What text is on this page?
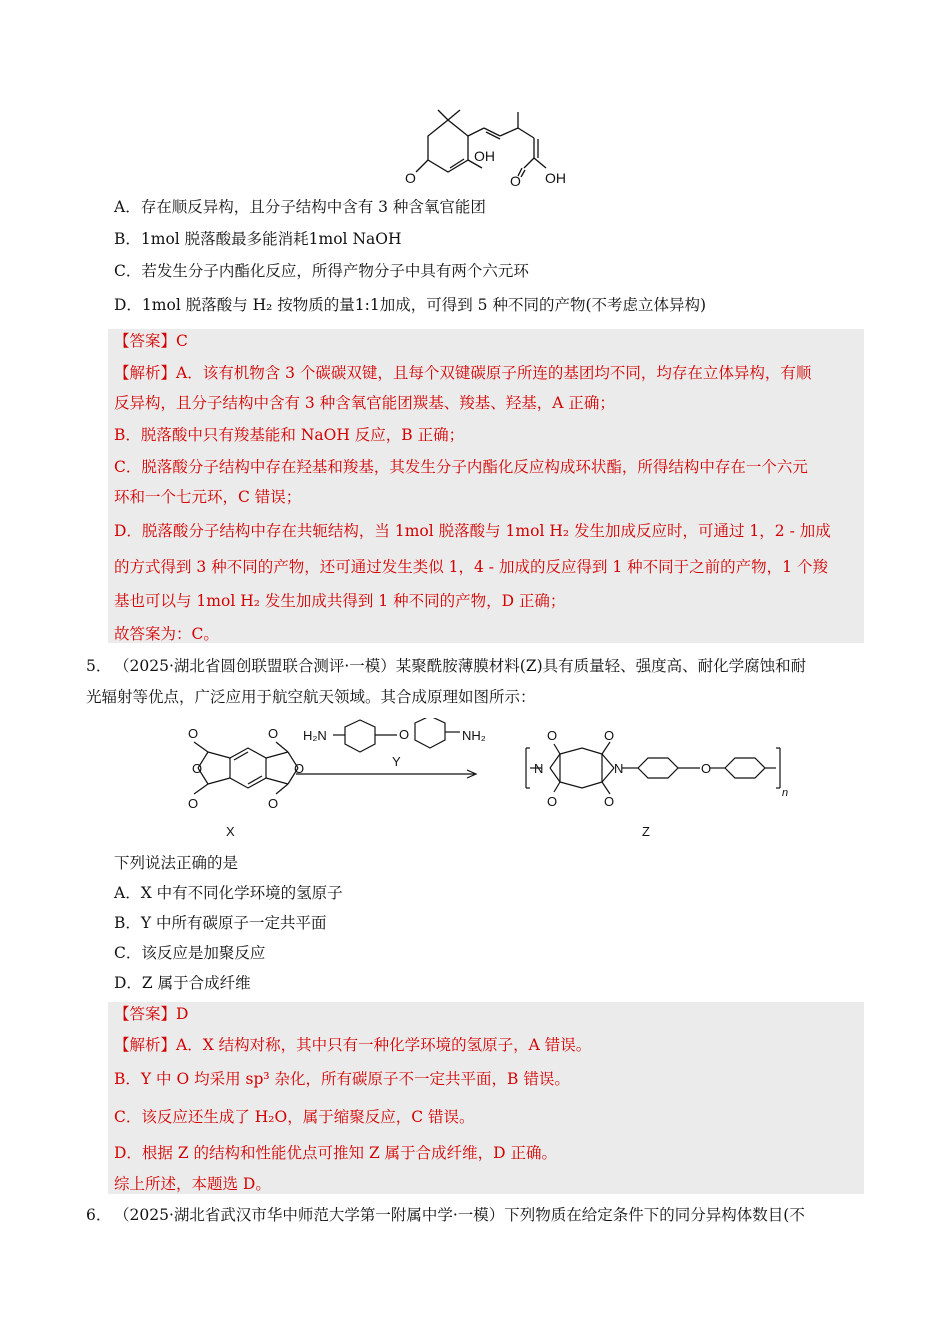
OH
O	O OH
A．存在顺反异构，且分子结构中含有 3 种含氧官能团
B．1mol 脱落酸最多能消耗1mol NaOH
C．若发生分子内酯化反应，所得产物分子中具有两个六元环
D．1mol 脱落酸与 H₂ 按物质的量1:1加成，可得到 5 种不同的产物(不考虑立体异构)
【答案】C
【解析】A．该有机物含 3 个碳碳双键，且每个双键碳原子所连的基团均不同，均存在立体异构，有顺
反异构，且分子结构中含有 3 种含氧官能团羰基、羧基、羟基，A 正确；
B．脱落酸中只有羧基能和 NaOH 反应，B 正确；
C．脱落酸分子结构中存在羟基和羧基，其发生分子内酯化反应构成环状酯，所得结构中存在一个六元
环和一个七元环，C 错误；
D．脱落酸分子结构中存在共轭结构，当 1mol 脱落酸与 1mol H₂ 发生加成反应时，可通过 1，2 - 加成
的方式得到 3 种不同的产物，还可通过发生类似 1，4 - 加成的反应得到 1 种不同于之前的产物，1 个羧
基也可以与 1mol H₂ 发生加成共得到 1 种不同的产物，D 正确；
故答案为：C。
5． （2025·湖北省圆创联盟联合测评·一模）某聚酰胺薄膜材料(Z)具有质量轻、强度高、耐化学腐蚀和耐
光辐射等优点，广泛应用于航空航天领域。其合成原理如图所示：
O	O
O	O
O	O
H₂N	O	NH₂
Y	N	N
O	O
O	O
O
n
X	Z
下列说法正确的是
A．X 中有不同化学环境的氢原子
B．Y 中所有碳原子一定共平面
C．该反应是加聚反应
D．Z 属于合成纤维
【答案】D
【解析】A．X 结构对称，其中只有一种化学环境的氢原子，A 错误。
B．Y 中 O 均采用 sp³ 杂化，所有碳原子不一定共平面，B 错误。
C．该反应还生成了 H₂O，属于缩聚反应，C 错误。
D．根据 Z 的结构和性能优点可推知 Z 属于合成纤维，D 正确。
综上所述，本题选 D。
6． （2025·湖北省武汉市华中师范大学第一附属中学·一模）下列物质在给定条件下的同分异构体数目(不
